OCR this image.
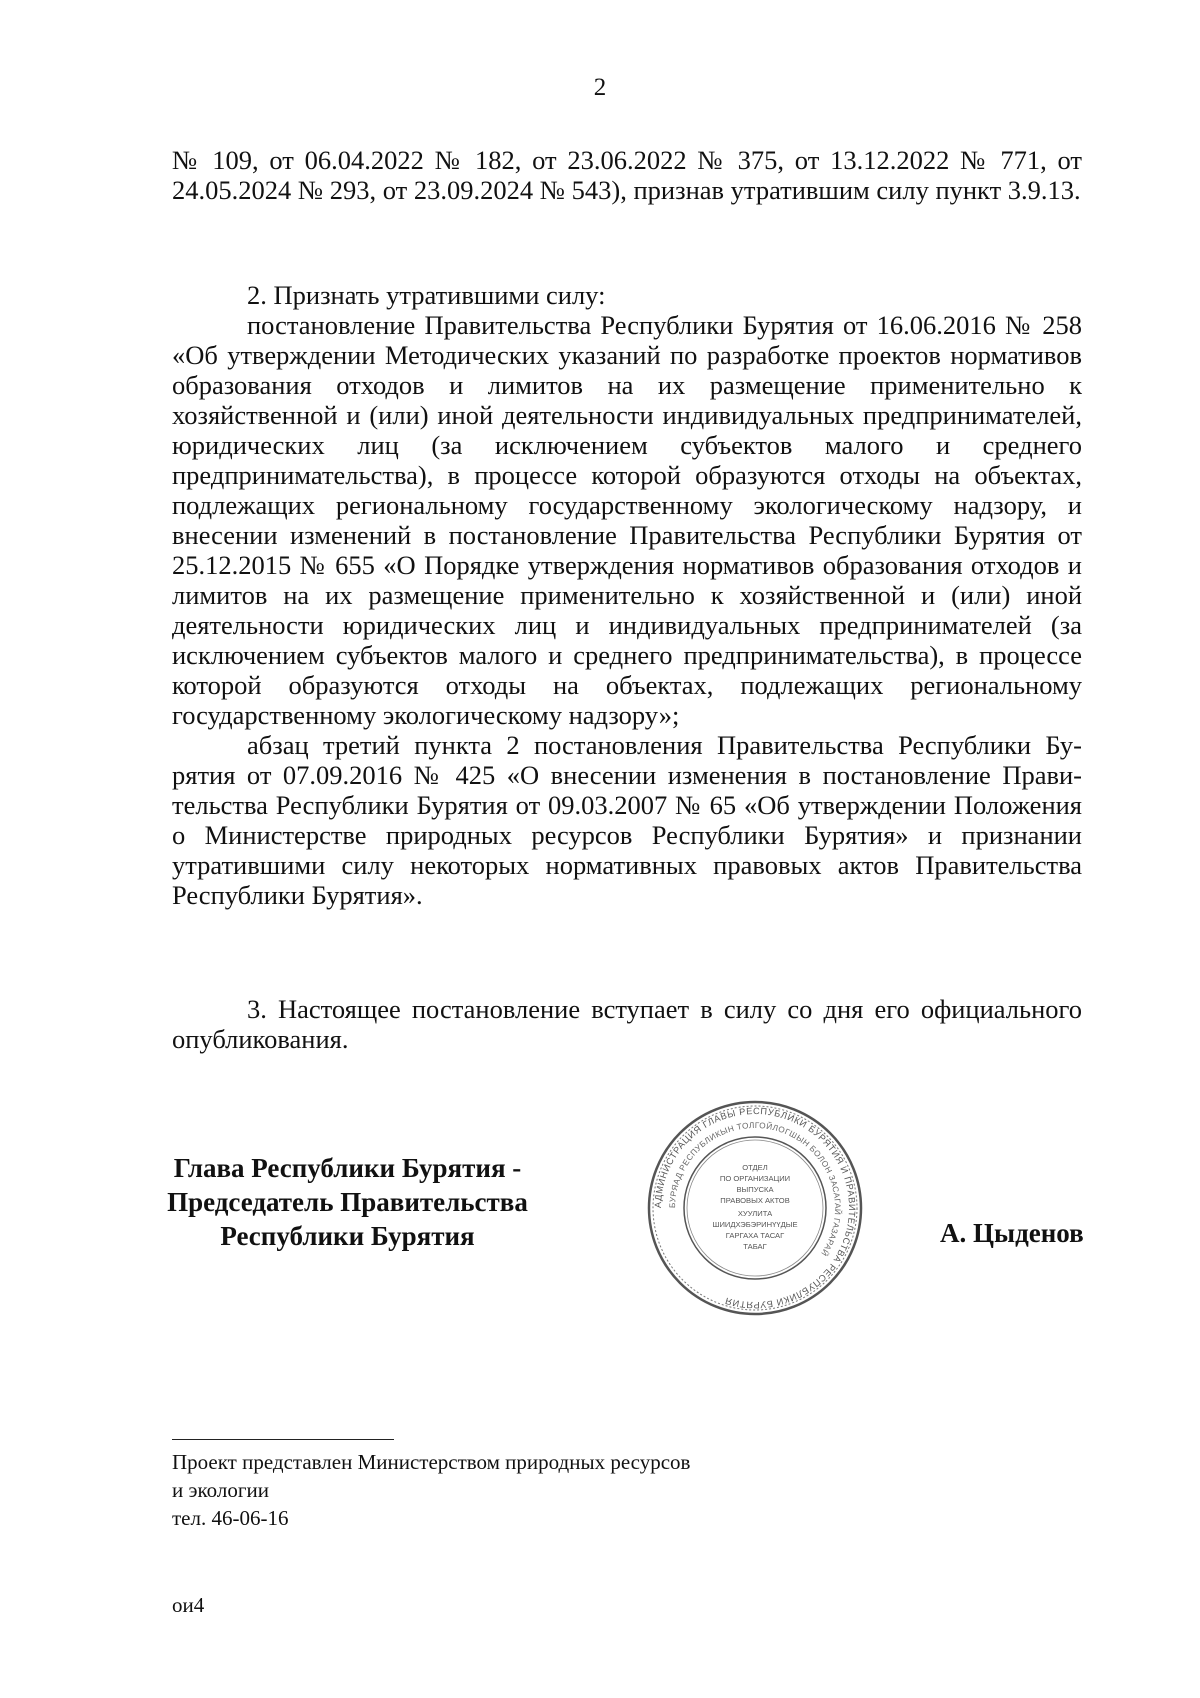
2

№ 109, от 06.04.2022 № 182, от 23.06.2022 № 375, от 13.12.2022 № 771, от 24.05.2024 № 293, от 23.09.2024 № 543), признав утратившим силу пункт 3.9.13.

2. Признать утратившими силу:

постановление Правительства Республики Бурятия от 16.06.2016 № 258 «Об утверждении Методических указаний по разработке проектов нормативов образования отходов и лимитов на их размещение применительно к хозяйственной и (или) иной деятельности индивидуальных предпринимателей, юридических лиц (за исключением субъектов малого и среднего предпринимательства), в процессе которой образуются отходы на объектах, подлежащих региональному государственному экологическому надзору, и внесении изменений в постановление Правительства Республики Бурятия от 25.12.2015 № 655 «О Порядке утверждения нормативов образования отходов и лимитов на их размещение применительно к хозяйственной и (или) иной деятельности юридических лиц и индивидуальных предпринимателей (за исключением субъектов малого и среднего предпринимательства), в процессе которой образуются отходы на объектах, подлежащих региональному государственному экологическому надзору»;

абзац третий пункта 2 постановления Правительства Республики Бурятия от 07.09.2016 № 425 «О внесении изменения в постановление Правительства Республики Бурятия от 09.03.2007 № 65 «Об утверждении Положения о Министерстве природных ресурсов Республики Бурятия» и признании утратившими силу некоторых нормативных правовых актов Правительства Республики Бурятия».

3. Настоящее постановление вступает в силу со дня его официального опубликования.

Глава Республики Бурятия -
Председатель Правительства
Республики Бурятия
АДМИНИСТРАЦИЯ ГЛАВЫ РЕСПУБЛИКИ БУРЯТИЯ И ПРАВИТЕЛЬСТВА РЕСПУБЛИКИ БУРЯТИЯ
БУРЯАД РЕСПУБЛИКЫН ТОЛГОЙЛОГШЫН БОЛОН ЗАСАГАЙ ГАЗАРАЙ
ОТДЕЛ
ПО ОРГАНИЗАЦИИ
ВЫПУСКА
ПРАВОВЫХ АКТОВ
ХУУЛИТА
ШИИДХЭБЭРИНҮҮДЫЕ
ГАРГАХА ТАСАГ
ТАБАГ	А. Цыденов
Проект представлен Министерством природных ресурсов
и экологии
тел. 46-06-16
ои4
